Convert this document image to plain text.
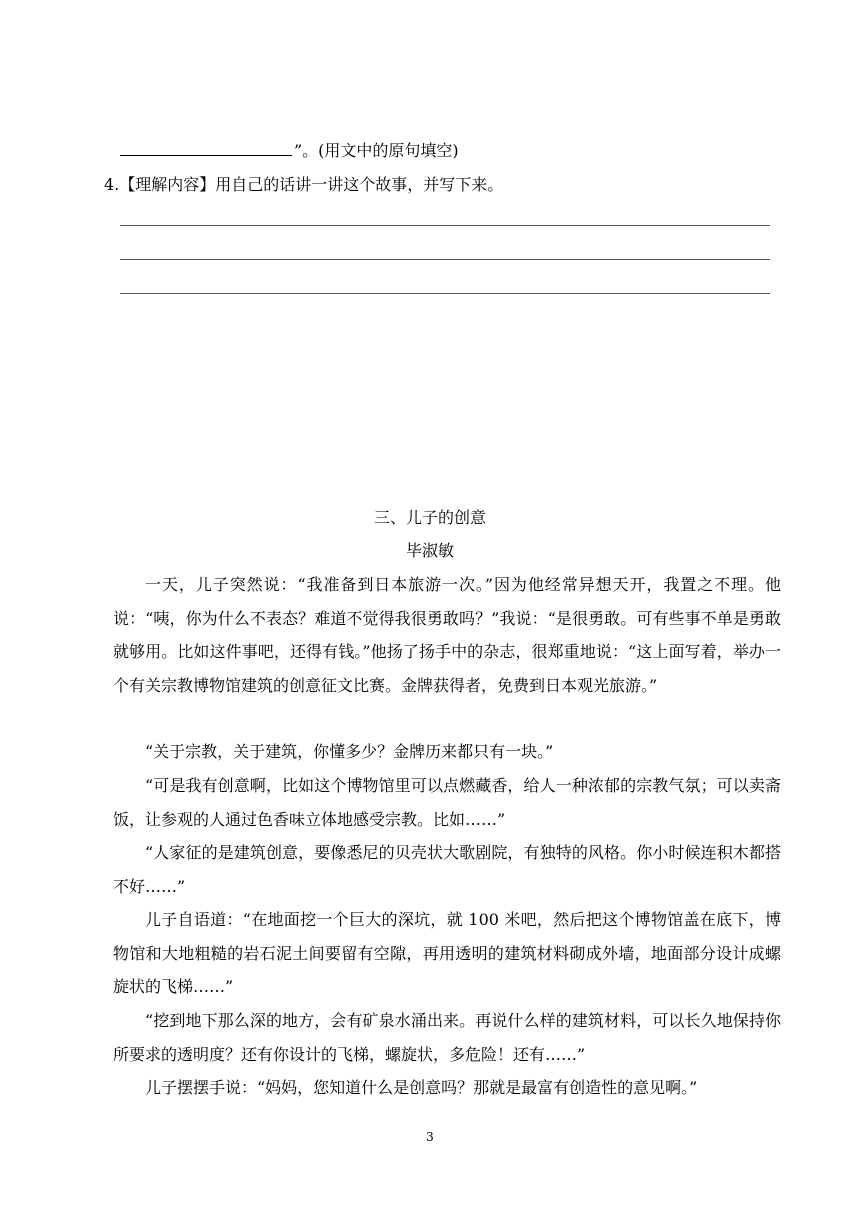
”。(用文中的原句填空)
4.【理解内容】用自己的话讲一讲这个故事，并写下来。
三、儿子的创意
毕淑敏
一天，儿子突然说：“我准备到日本旅游一次。”因为他经常异想天开，我置之不理。他说：“咦，你为什么不表态？难道不觉得我很勇敢吗？”我说：“是很勇敢。可有些事不单是勇敢就够用。比如这件事吧，还得有钱。”他扬了扬手中的杂志，很郑重地说：“这上面写着，举办一个有关宗教博物馆建筑的创意征文比赛。金牌获得者，免费到日本观光旅游。”
“关于宗教，关于建筑，你懂多少？金牌历来都只有一块。”
“可是我有创意啊，比如这个博物馆里可以点燃藏香，给人一种浓郁的宗教气氛；可以卖斋饭，让参观的人通过色香味立体地感受宗教。比如……”
“人家征的是建筑创意，要像悉尼的贝壳状大歌剧院，有独特的风格。你小时候连积木都搭不好……”
儿子自语道：“在地面挖一个巨大的深坑，就 100 米吧，然后把这个博物馆盖在底下，博物馆和大地粗糙的岩石泥土间要留有空隙，再用透明的建筑材料砌成外墙，地面部分设计成螺旋状的飞梯……”
“挖到地下那么深的地方，会有矿泉水涌出来。再说什么样的建筑材料，可以长久地保持你所要求的透明度？还有你设计的飞梯，螺旋状，多危险！还有……”
儿子摆摆手说：“妈妈，您知道什么是创意吗？那就是最富有创造性的意见啊。”
3
